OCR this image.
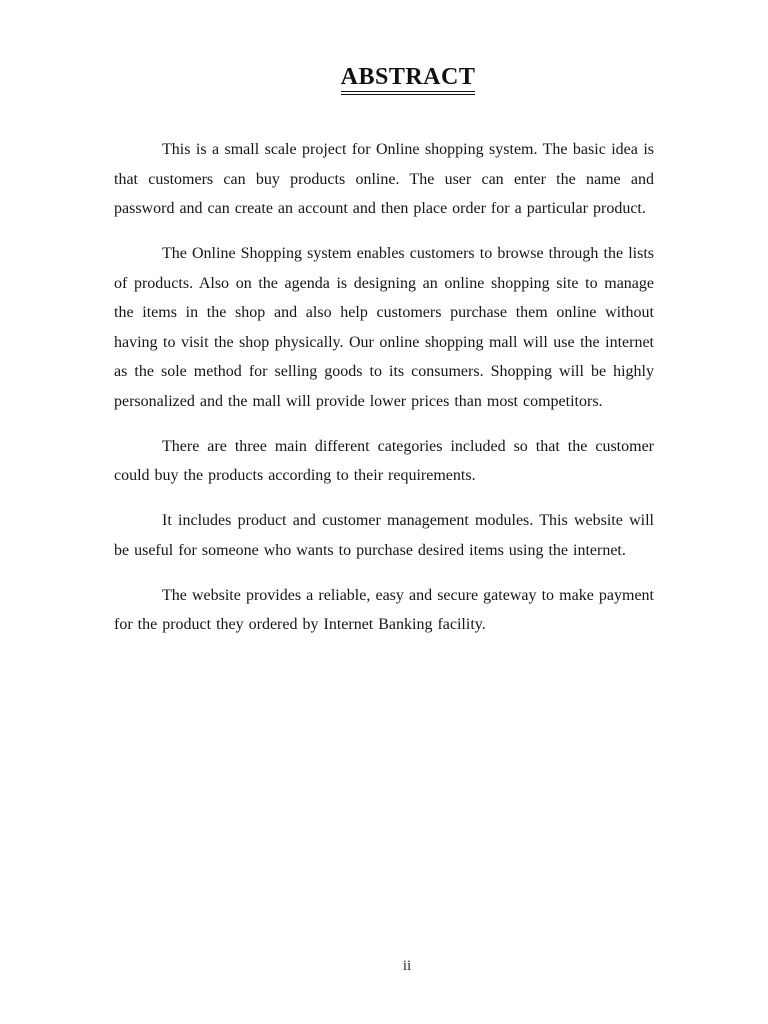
ABSTRACT

This is a small scale project for Online shopping system. The basic idea is that customers can buy products online. The user can enter the name and password and can create an account and then place order for a particular product.

The Online Shopping system enables customers to browse through the lists of products. Also on the agenda is designing an online shopping site to manage the items in the shop and also help customers purchase them online without having to visit the shop physically. Our online shopping mall will use the internet as the sole method for selling goods to its consumers. Shopping will be highly personalized and the mall will provide lower prices than most competitors.

There are three main different categories included so that the customer could buy the products according to their requirements.

It includes product and customer management modules. This website will be useful for someone who wants to purchase desired items using the internet.

The website provides a reliable, easy and secure gateway to make payment for the product they ordered by Internet Banking facility.

ii
